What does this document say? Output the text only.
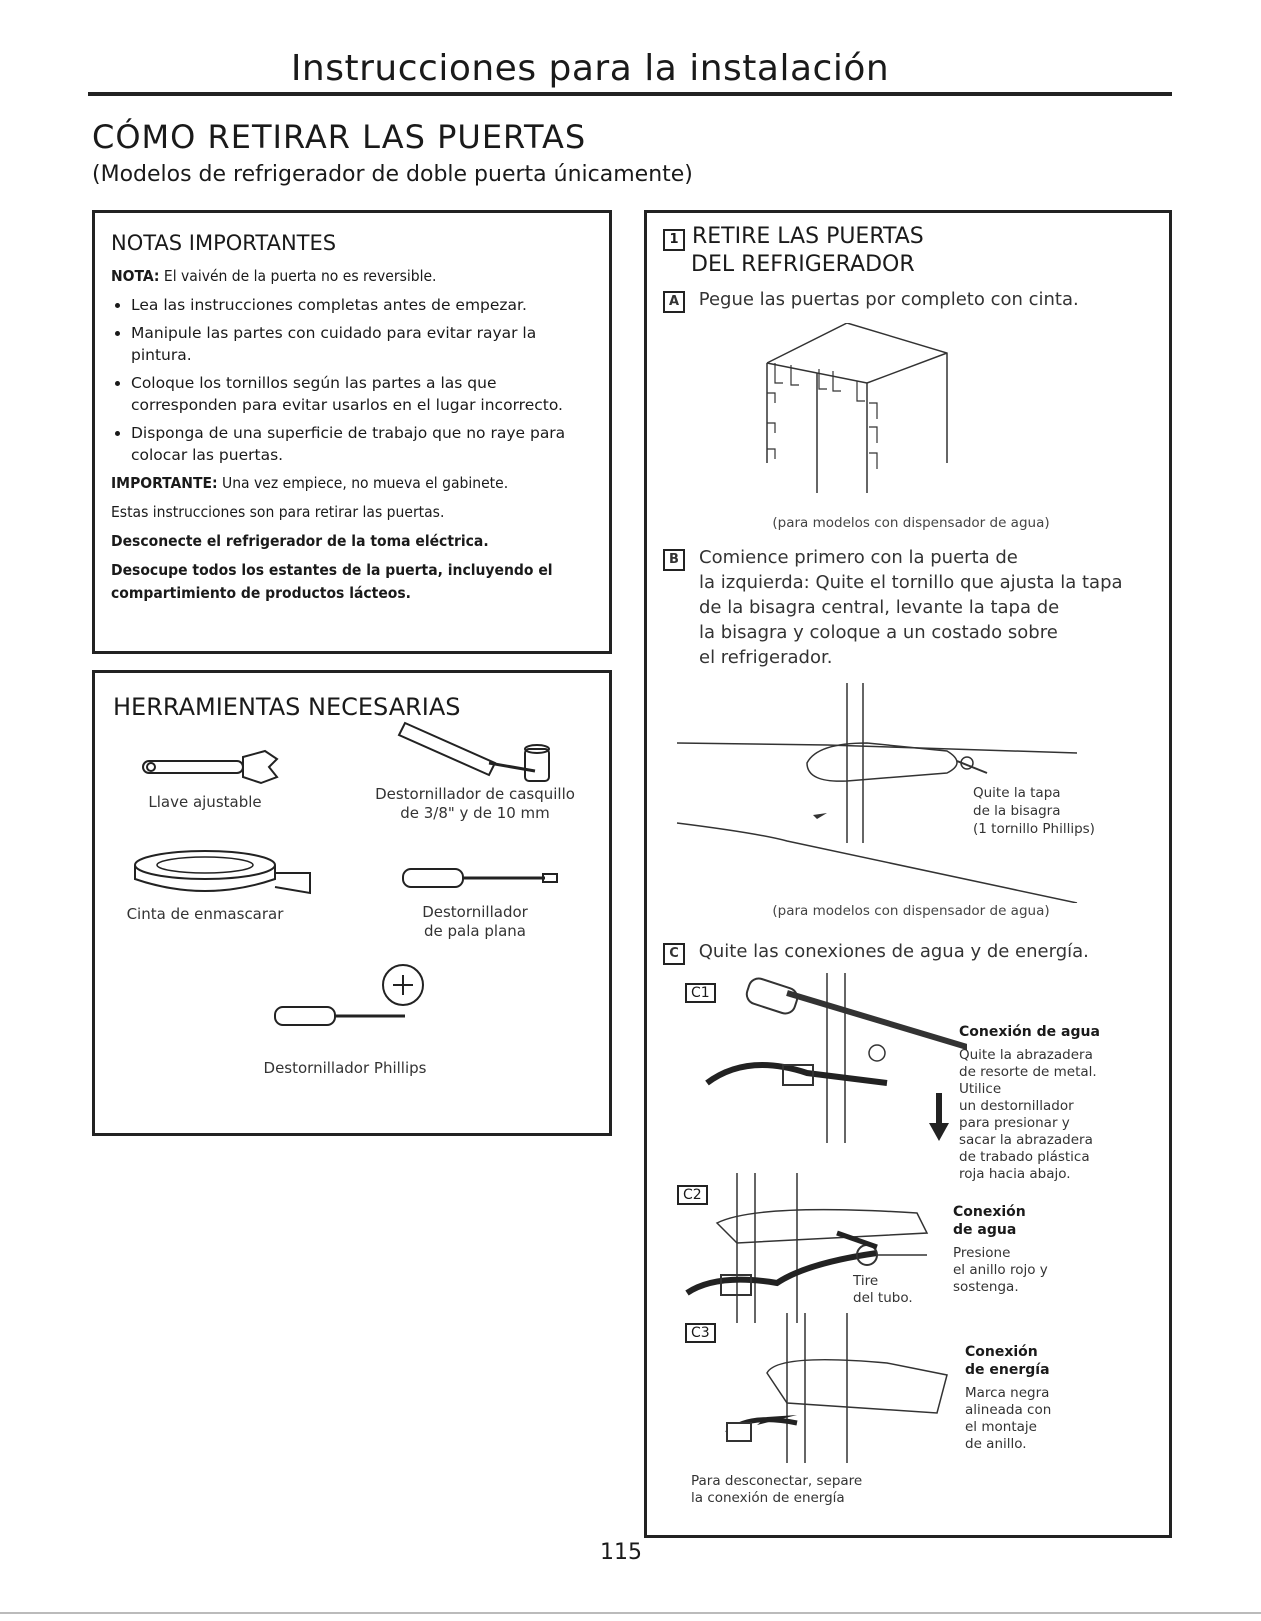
Instrucciones para la instalación
CÓMO RETIRAR LAS PUERTAS
(Modelos de refrigerador de doble puerta únicamente)
NOTAS IMPORTANTES
NOTA: El vaivén de la puerta no es reversible.
• Lea las instrucciones completas antes de empezar.
• Manipule las partes con cuidado para evitar rayar la pintura.
• Coloque los tornillos según las partes a las que corresponden para evitar usarlos en el lugar incorrecto.
• Disponga de una superficie de trabajo que no raye para colocar las puertas.
IMPORTANTE: Una vez empiece, no mueva el gabinete.
Estas instrucciones son para retirar las puertas.
Desconecte el refrigerador de la toma eléctrica.
Desocupe todos los estantes de la puerta, incluyendo el compartimiento de productos lácteos.
HERRAMIENTAS NECESARIAS
Llave ajustable	Destornillador de casquillo
de 3/8" y de 10 mm
Cinta de enmascarar	Destornillador
de pala plana
Destornillador Phillips
1 RETIRE LAS PUERTAS
DEL REFRIGERADOR
A Pegue las puertas por completo con cinta.
(para modelos con dispensador de agua)
B	Comience primero con la puerta de
la izquierda: Quite el tornillo que ajusta la tapa
de la bisagra central, levante la tapa de
la bisagra y coloque a un costado sobre
el refrigerador.
Quite la tapa
de la bisagra
(1 tornillo Phillips)
(para modelos con dispensador de agua)
C Quite las conexiones de agua y de energía.
C1
Conexión de agua
Quite la abrazadera
de resorte de metal.
Utilice
un destornillador
para presionar y
sacar la abrazadera
de trabado plástica
roja hacia abajo.
C2
Conexión
de agua
Presione
el anillo rojo y
sostenga.
Tire
del tubo.
C3
Conexión
de energía
Marca negra
alineada con
el montaje
de anillo.
Para desconectar, separe
la conexión de energía
115
